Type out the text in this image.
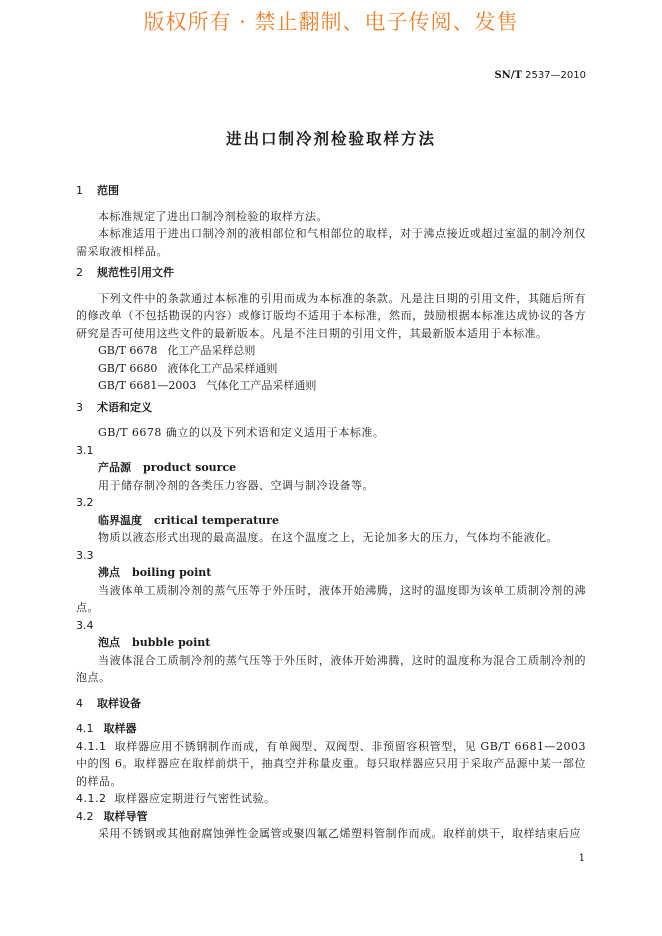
版权所有 · 禁止翻制、电子传阅、发售
SN/T 2537—2010
进出口制冷剂检验取样方法
1 范围
本标准规定了进出口制冷剂检验的取样方法。
本标准适用于进出口制冷剂的液相部位和气相部位的取样，对于沸点接近或超过室温的制冷剂仅需采取液相样品。
2 规范性引用文件
下列文件中的条款通过本标准的引用而成为本标准的条款。凡是注日期的引用文件，其随后所有的修改单（不包括勘误的内容）或修订版均不适用于本标准，然而，鼓励根据本标准达成协议的各方研究是否可使用这些文件的最新版本。凡是不注日期的引用文件，其最新版本适用于本标准。
GB/T 6678 化工产品采样总则
GB/T 6680 液体化工产品采样通则
GB/T 6681—2003 气体化工产品采样通则
3 术语和定义
GB/T 6678 确立的以及下列术语和定义适用于本标准。
3.1
产品源 product source
用于储存制冷剂的各类压力容器、空调与制冷设备等。
3.2
临界温度 critical temperature
物质以液态形式出现的最高温度。在这个温度之上，无论加多大的压力，气体均不能液化。
3.3
沸点 boiling point
当液体单工质制冷剂的蒸气压等于外压时，液体开始沸腾，这时的温度即为该单工质制冷剂的沸点。
3.4
泡点 bubble point
当液体混合工质制冷剂的蒸气压等于外压时，液体开始沸腾，这时的温度称为混合工质制冷剂的泡点。
4 取样设备
4.1 取样器
4.1.1 取样器应用不锈钢制作而成，有单阀型、双阀型、非预留容积管型，见 GB/T 6681—2003 中的图 6。取样器应在取样前烘干，抽真空并称量皮重。每只取样器应只用于采取产品源中某一部位的样品。
4.1.2 取样器应定期进行气密性试验。
4.2 取样导管
采用不锈钢或其他耐腐蚀弹性金属管或聚四氟乙烯塑料管制作而成。取样前烘干，取样结束后应
1
